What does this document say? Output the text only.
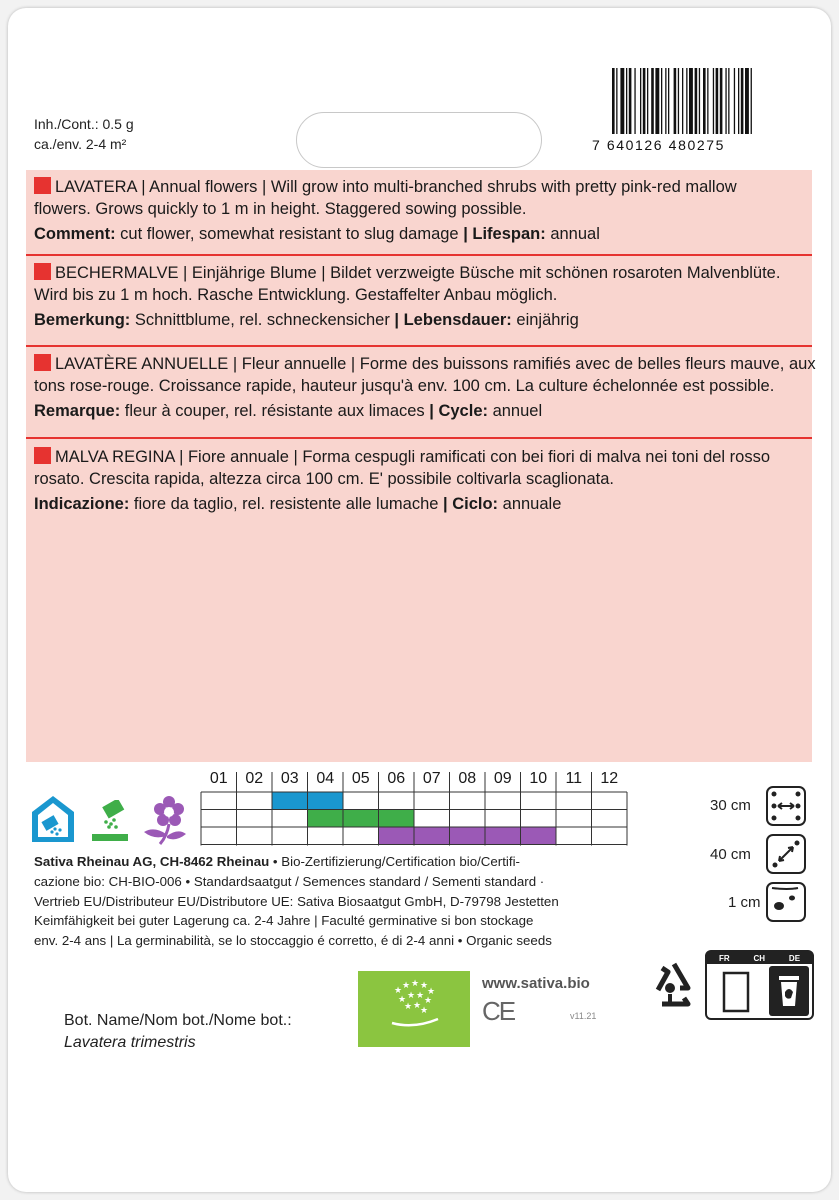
Inh./Cont.: 0.5 g
ca./env. 2-4 m²	7 640126 480275
LAVATERA | Annual flowers | Will grow into multi-branched shrubs with pretty pink-red mallow
flowers. Grows quickly to 1 m in height. Staggered sowing possible.
Comment: cut flower, somewhat resistant to slug damage | Lifespan: annual
BECHERMALVE | Einjährige Blume | Bildet verzweigte Büsche mit schönen rosaroten Malvenblüte.
Wird bis zu 1 m hoch. Rasche Entwicklung. Gestaffelter Anbau möglich.
Bemerkung: Schnittblume, rel. schneckensicher | Lebensdauer: einjährig
LAVATÈRE ANNUELLE | Fleur annuelle | Forme des buissons ramifiés avec de belles fleurs mauve, aux
tons rose-rouge. Croissance rapide, hauteur jusqu'à env. 100 cm. La culture échelonnée est possible.
Remarque: fleur à couper, rel. résistante aux limaces | Cycle: annuel
MALVA REGINA | Fiore annuale | Forma cespugli ramificati con bei fiori di malva nei toni del rosso
rosato. Crescita rapida, altezza circa 100 cm. E' possibile coltivarla scaglionata.
Indicazione: fiore da taglio, rel. resistente alle lumache | Ciclo: annuale
01	02	03	04	05	06	07	08	09	10	11	12
Sativa Rheinau AG, CH-8462 Rheinau • Bio-Zertifizierung/Certification bio/Certifi-
cazione bio: CH-BIO-006 • Standardsaatgut / Semences standard / Sementi standard ·
Vertrieb EU/Distributeur EU/Distributore UE: Sativa Biosaatgut GmbH, D-79798 Jestetten
Keimfähigkeit bei guter Lagerung ca. 2-4 Jahre | Faculté germinative si bon stockage
env. 2-4 ans | La germinabilità, se lo stoccaggio é corretto, é di 2-4 anni • Organic seeds
30 cm
40 cm
1 cm
Bot. Name/Nom bot./Nome bot.:
Lavatera trimestris
★ ★ ★ ★
★
★ ★ ★ ★
★ ★
★
www.sativa.bio
CE	v11.21
FR	CH	DE
